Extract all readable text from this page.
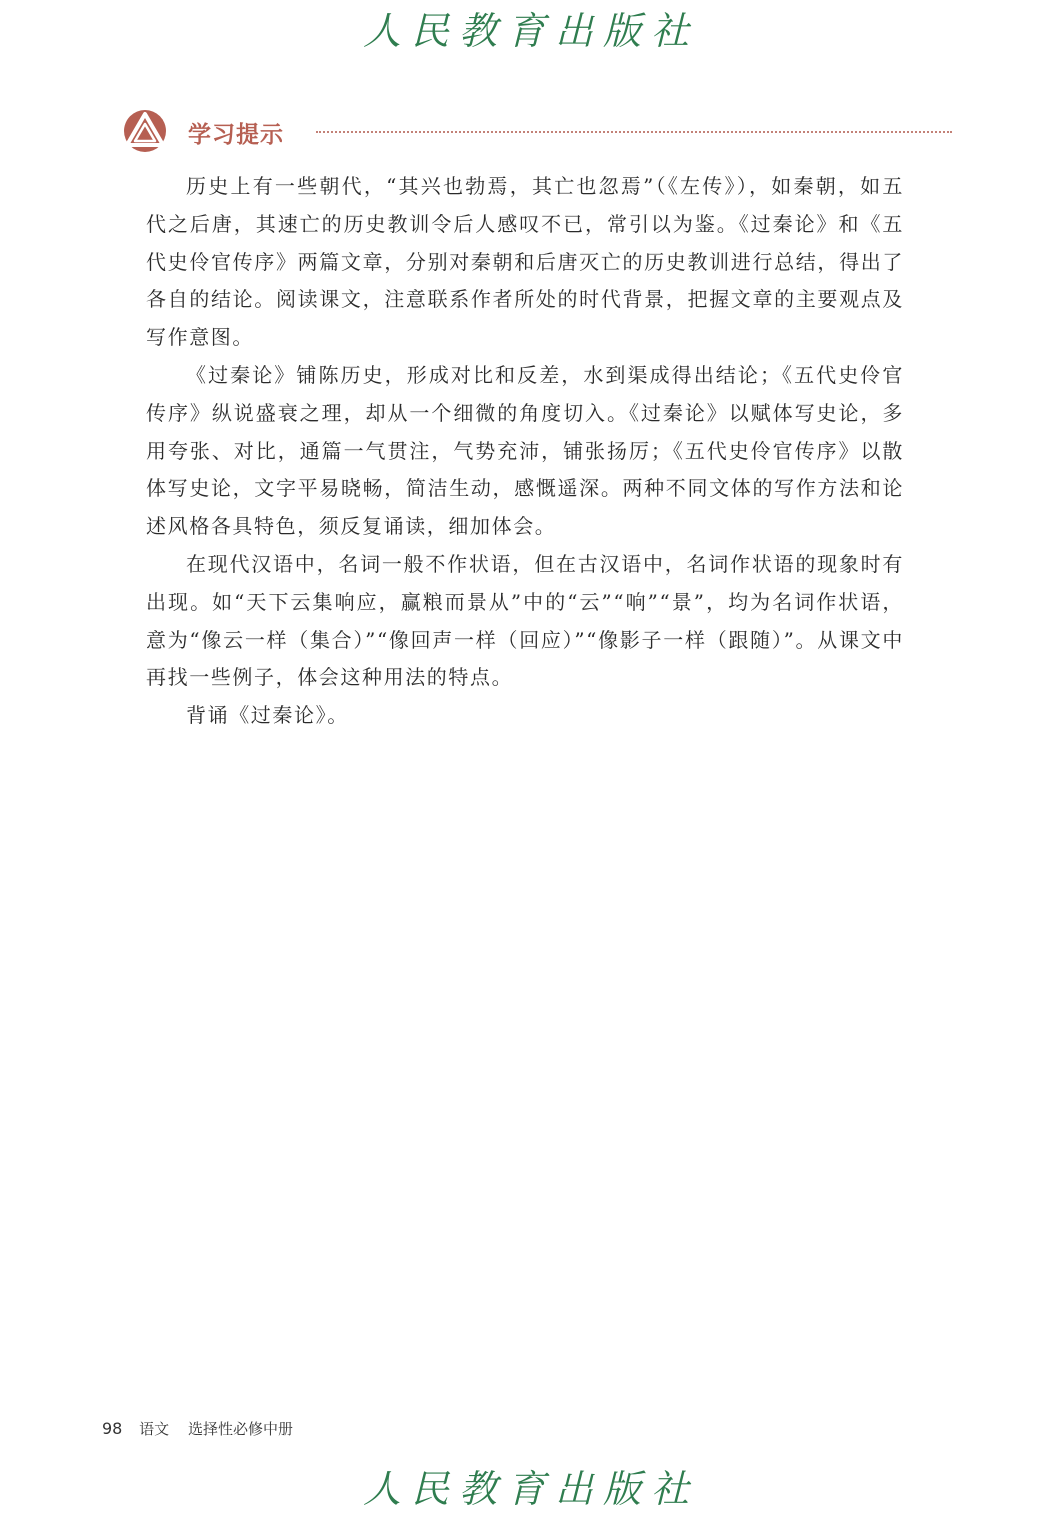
人民教育出版社
学习提示

历史上有一些朝代，“其兴也勃焉，其亡也忽焉”（《左传》），如秦朝，如五代之后唐，其速亡的历史教训令后人感叹不已，常引以为鉴。《过秦论》和《五代史伶官传序》两篇文章，分别对秦朝和后唐灭亡的历史教训进行总结，得出了各自的结论。阅读课文，注意联系作者所处的时代背景，把握文章的主要观点及写作意图。

《过秦论》铺陈历史，形成对比和反差，水到渠成得出结论；《五代史伶官传序》纵说盛衰之理，却从一个细微的角度切入。《过秦论》以赋体写史论，多用夸张、对比，通篇一气贯注，气势充沛，铺张扬厉；《五代史伶官传序》以散体写史论，文字平易晓畅，简洁生动，感慨遥深。两种不同文体的写作方法和论述风格各具特色，须反复诵读，细加体会。

在现代汉语中，名词一般不作状语，但在古汉语中，名词作状语的现象时有出现。如“天下云集响应，赢粮而景从”中的“云”“响”“景”，均为名词作状语，意为“像云一样（集合）”“像回声一样（回应）”“像影子一样（跟随）”。从课文中再找一些例子，体会这种用法的特点。

背诵《过秦论》。

98 语文 选择性必修中册
人民教育出版社
